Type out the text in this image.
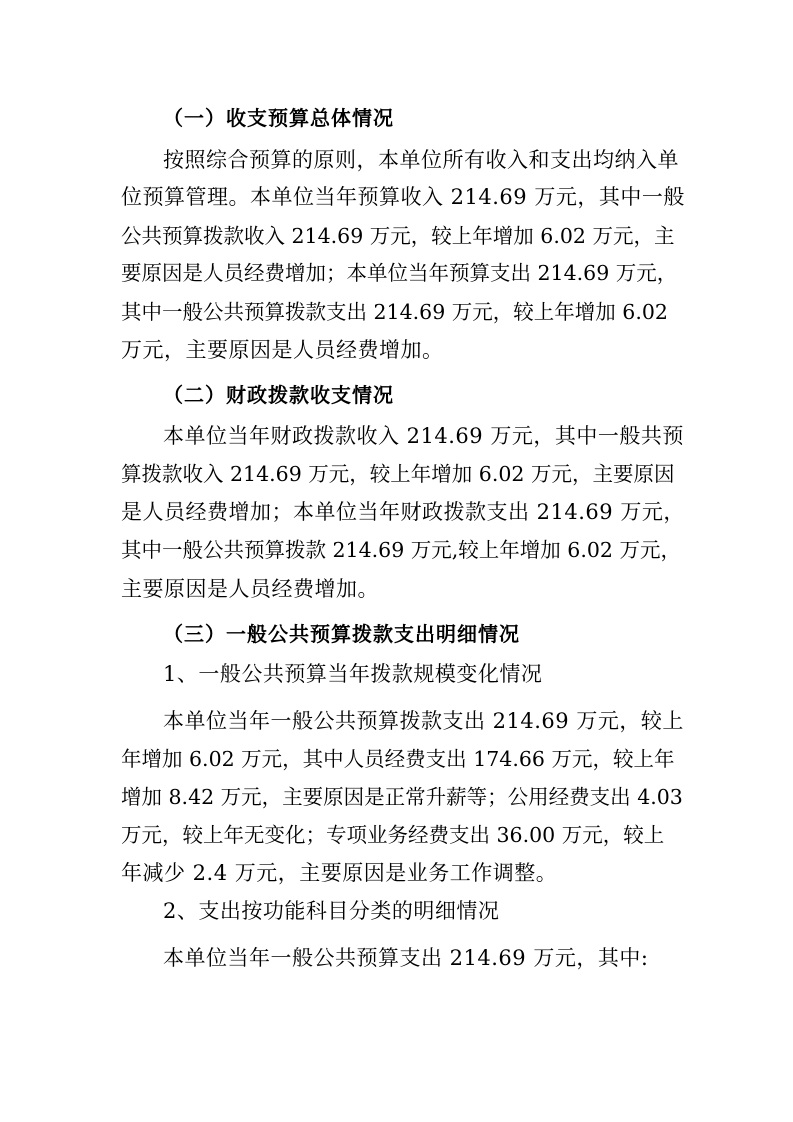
（一）收支预算总体情况
按照综合预算的原则，本单位所有收入和支出均纳入单
位预算管理。本单位当年预算收入 214.69 万元，其中一般
公共预算拨款收入 214.69 万元，较上年增加 6.02 万元，主
要原因是人员经费增加；本单位当年预算支出 214.69 万元，
其中一般公共预算拨款支出 214.69 万元，较上年增加 6.02
万元，主要原因是人员经费增加。
（二）财政拨款收支情况
本单位当年财政拨款收入 214.69 万元，其中一般共预
算拨款收入 214.69 万元，较上年增加 6.02 万元，主要原因
是人员经费增加；本单位当年财政拨款支出 214.69 万元，
其中一般公共预算拨款 214.69 万元,较上年增加 6.02 万元，
主要原因是人员经费增加。
（三）一般公共预算拨款支出明细情况
1、一般公共预算当年拨款规模变化情况
本单位当年一般公共预算拨款支出 214.69 万元，较上
年增加 6.02 万元，其中人员经费支出 174.66 万元，较上年
增加 8.42 万元，主要原因是正常升薪等；公用经费支出 4.03
万元，较上年无变化；专项业务经费支出 36.00 万元，较上
年减少 2.4 万元，主要原因是业务工作调整。
2、支出按功能科目分类的明细情况
本单位当年一般公共预算支出 214.69 万元，其中:
